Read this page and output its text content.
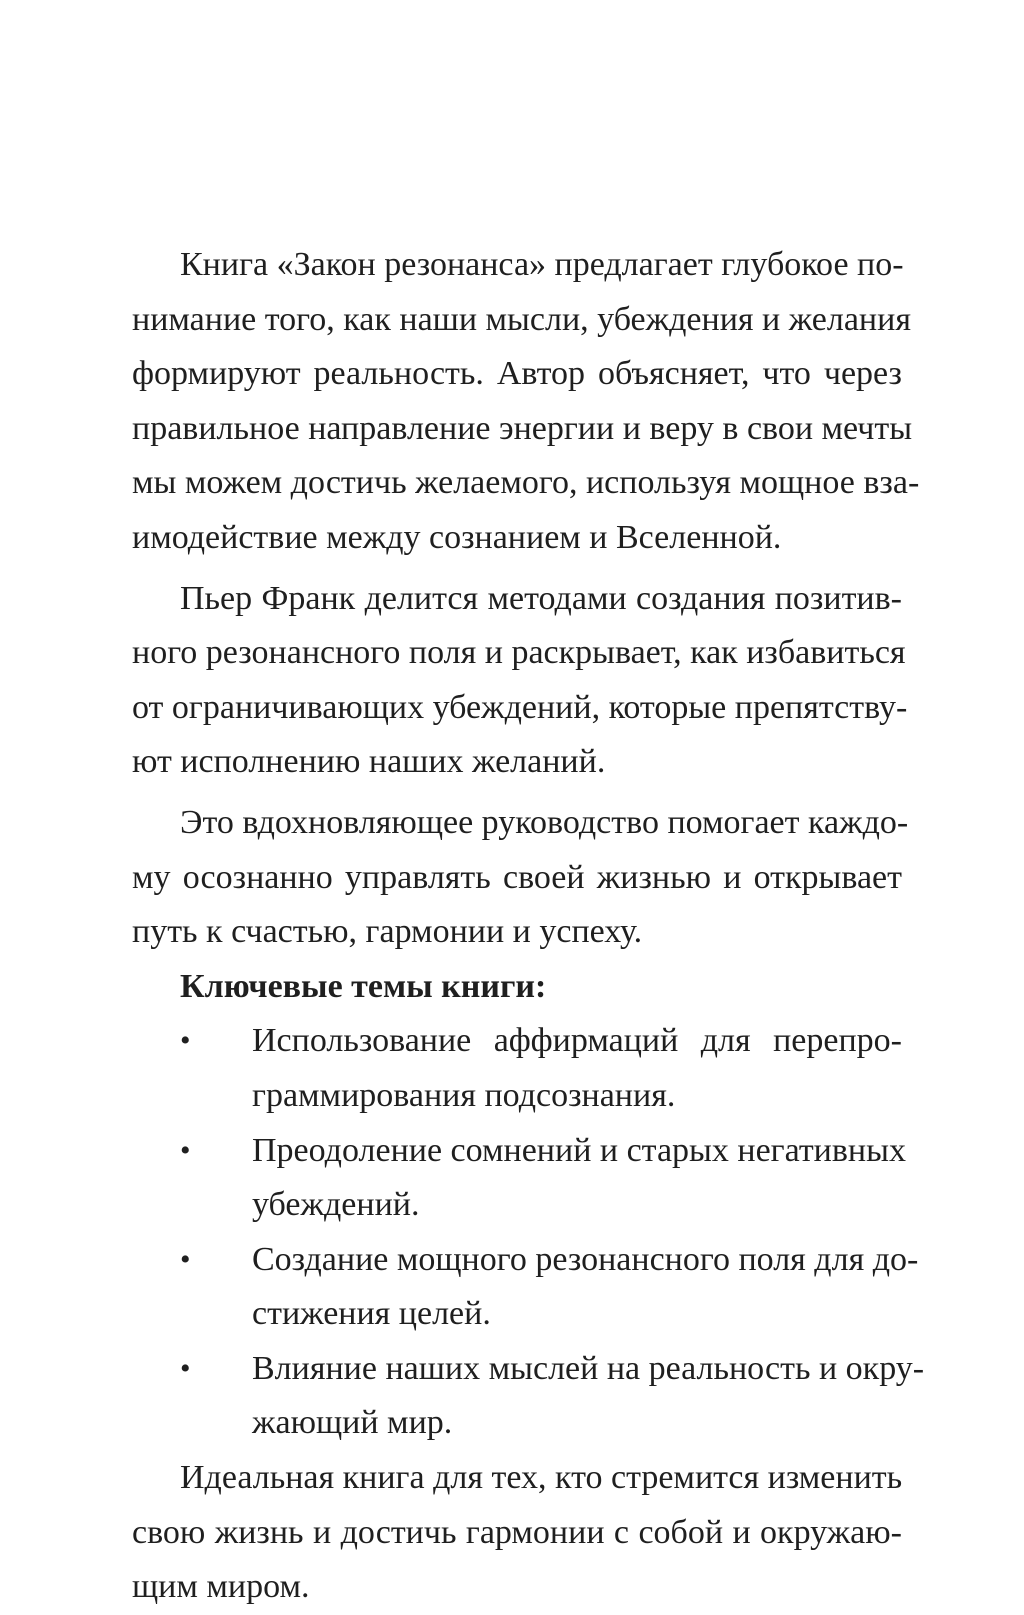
Книга «Закон резонанса» предлагает глубокое по-
нимание того, как наши мысли, убеждения и желания
формируют реальность. Автор объясняет, что через
правильное направление энергии и веру в свои мечты
мы можем достичь желаемого, используя мощное вза-
имодействие между сознанием и Вселенной.
Пьер Франк делится методами создания позитив-
ного резонансного поля и раскрывает, как избавиться
от ограничивающих убеждений, которые препятству-
ют исполнению наших желаний.
Это вдохновляющее руководство помогает каждо-
му осознанно управлять своей жизнью и открывает
путь к счастью, гармонии и успеху.
Ключевые темы книги:
• Использование аффирмаций для перепро-
граммирования подсознания.
• Преодоление сомнений и старых негативных
убеждений.
• Создание мощного резонансного поля для до-
стижения целей.
• Влияние наших мыслей на реальность и окру-
жающий мир.
Идеальная книга для тех, кто стремится изменить
свою жизнь и достичь гармонии с собой и окружаю-
щим миром.
